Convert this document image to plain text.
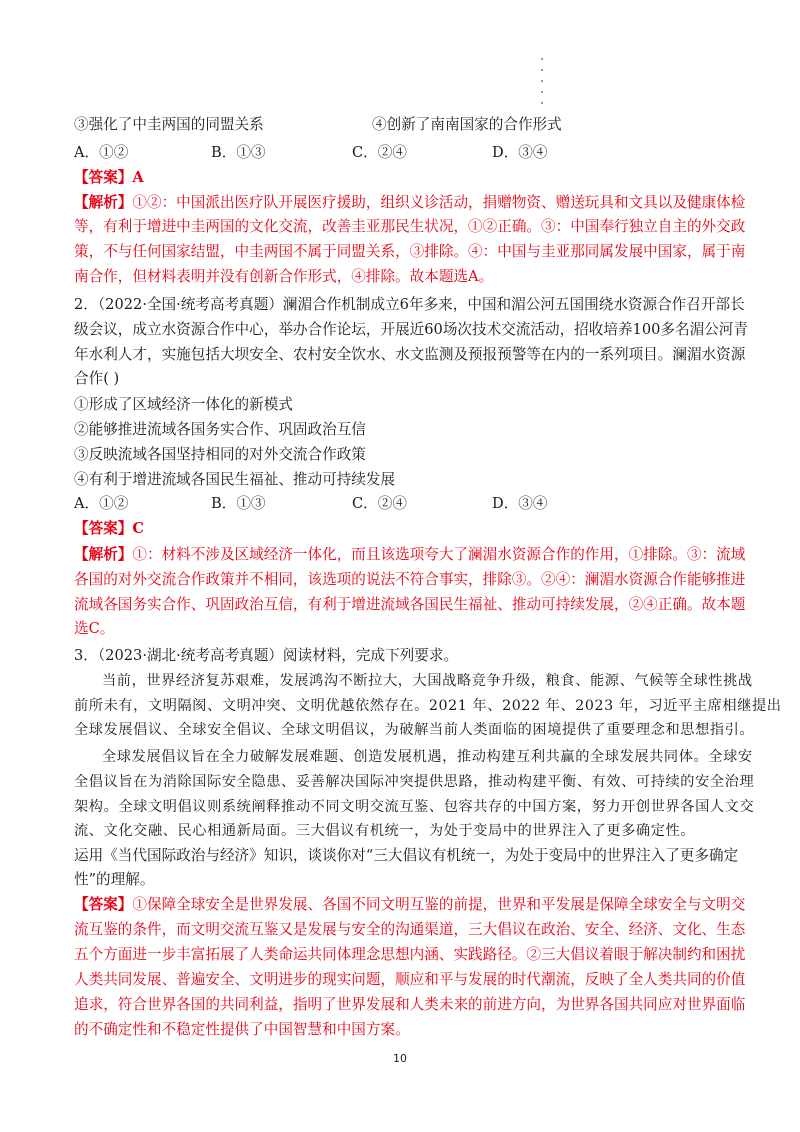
③强化了中圭两国的同盟关系	④创新了南南国家的合作形式
A．①②	B．①③	C．②④	D．③④
【答案】A
【解析】①②：中国派出医疗队开展医疗援助，组织义诊活动，捐赠物资、赠送玩具和文具以及健康体检
等，有利于增进中圭两国的文化交流，改善圭亚那民生状况，①②正确。③：中国奉行独立自主的外交政
策，不与任何国家结盟，中圭两国不属于同盟关系，③排除。④：中国与圭亚那同属发展中国家，属于南
南合作，但材料表明并没有创新合作形式，④排除。故本题选A。
2．（2022·全国·统考高考真题）澜湄合作机制成立6年多来，中国和湄公河五国围绕水资源合作召开部长
级会议，成立水资源合作中心，举办合作论坛，开展近60场次技术交流活动，招收培养100多名湄公河青
年水利人才，实施包括大坝安全、农村安全饮水、水文监测及预报预警等在内的一系列项目。澜湄水资源
合作( )
①形成了区域经济一体化的新模式
②能够推进流域各国务实合作、巩固政治互信
③反映流域各国坚持相同的对外交流合作政策
④有利于增进流域各国民生福祉、推动可持续发展
A．①②	B．①③	C．②④	D．③④
【答案】C
【解析】①：材料不涉及区域经济一体化，而且该选项夸大了澜湄水资源合作的作用，①排除。③：流域
各国的对外交流合作政策并不相同，该选项的说法不符合事实，排除③。②④：澜湄水资源合作能够推进
流域各国务实合作、巩固政治互信，有利于增进流域各国民生福祉、推动可持续发展，②④正确。故本题
选C。
3．（2023·湖北·统考高考真题）阅读材料，完成下列要求。
当前，世界经济复苏艰难，发展鸿沟不断拉大，大国战略竞争升级，粮食、能源、气候等全球性挑战
前所未有，文明隔阂、文明冲突、文明优越依然存在。2021 年、2022 年、2023 年，习近平主席相继提出
全球发展倡议、全球安全倡议、全球文明倡议，为破解当前人类面临的困境提供了重要理念和思想指引。
全球发展倡议旨在全力破解发展难题、创造发展机遇，推动构建互利共赢的全球发展共同体。全球安
全倡议旨在为消除国际安全隐患、妥善解决国际冲突提供思路，推动构建平衡、有效、可持续的安全治理
架构。全球文明倡议则系统阐释推动不同文明交流互鉴、包容共存的中国方案，努力开创世界各国人文交
流、文化交融、民心相通新局面。三大倡议有机统一，为处于变局中的世界注入了更多确定性。
运用《当代国际政治与经济》知识，谈谈你对“三大倡议有机统一，为处于变局中的世界注入了更多确定
性”的理解。
【答案】①保障全球安全是世界发展、各国不同文明互鉴的前提，世界和平发展是保障全球安全与文明交
流互鉴的条件，而文明交流互鉴又是发展与安全的沟通渠道，三大倡议在政治、安全、经济、文化、生态
五个方面进一步丰富拓展了人类命运共同体理念思想内涵、实践路径。②三大倡议着眼于解决制约和困扰
人类共同发展、普遍安全、文明进步的现实问题，顺应和平与发展的时代潮流，反映了全人类共同的价值
追求，符合世界各国的共同利益，指明了世界发展和人类未来的前进方向，为世界各国共同应对世界面临
的不确定性和不稳定性提供了中国智慧和中国方案。
10
